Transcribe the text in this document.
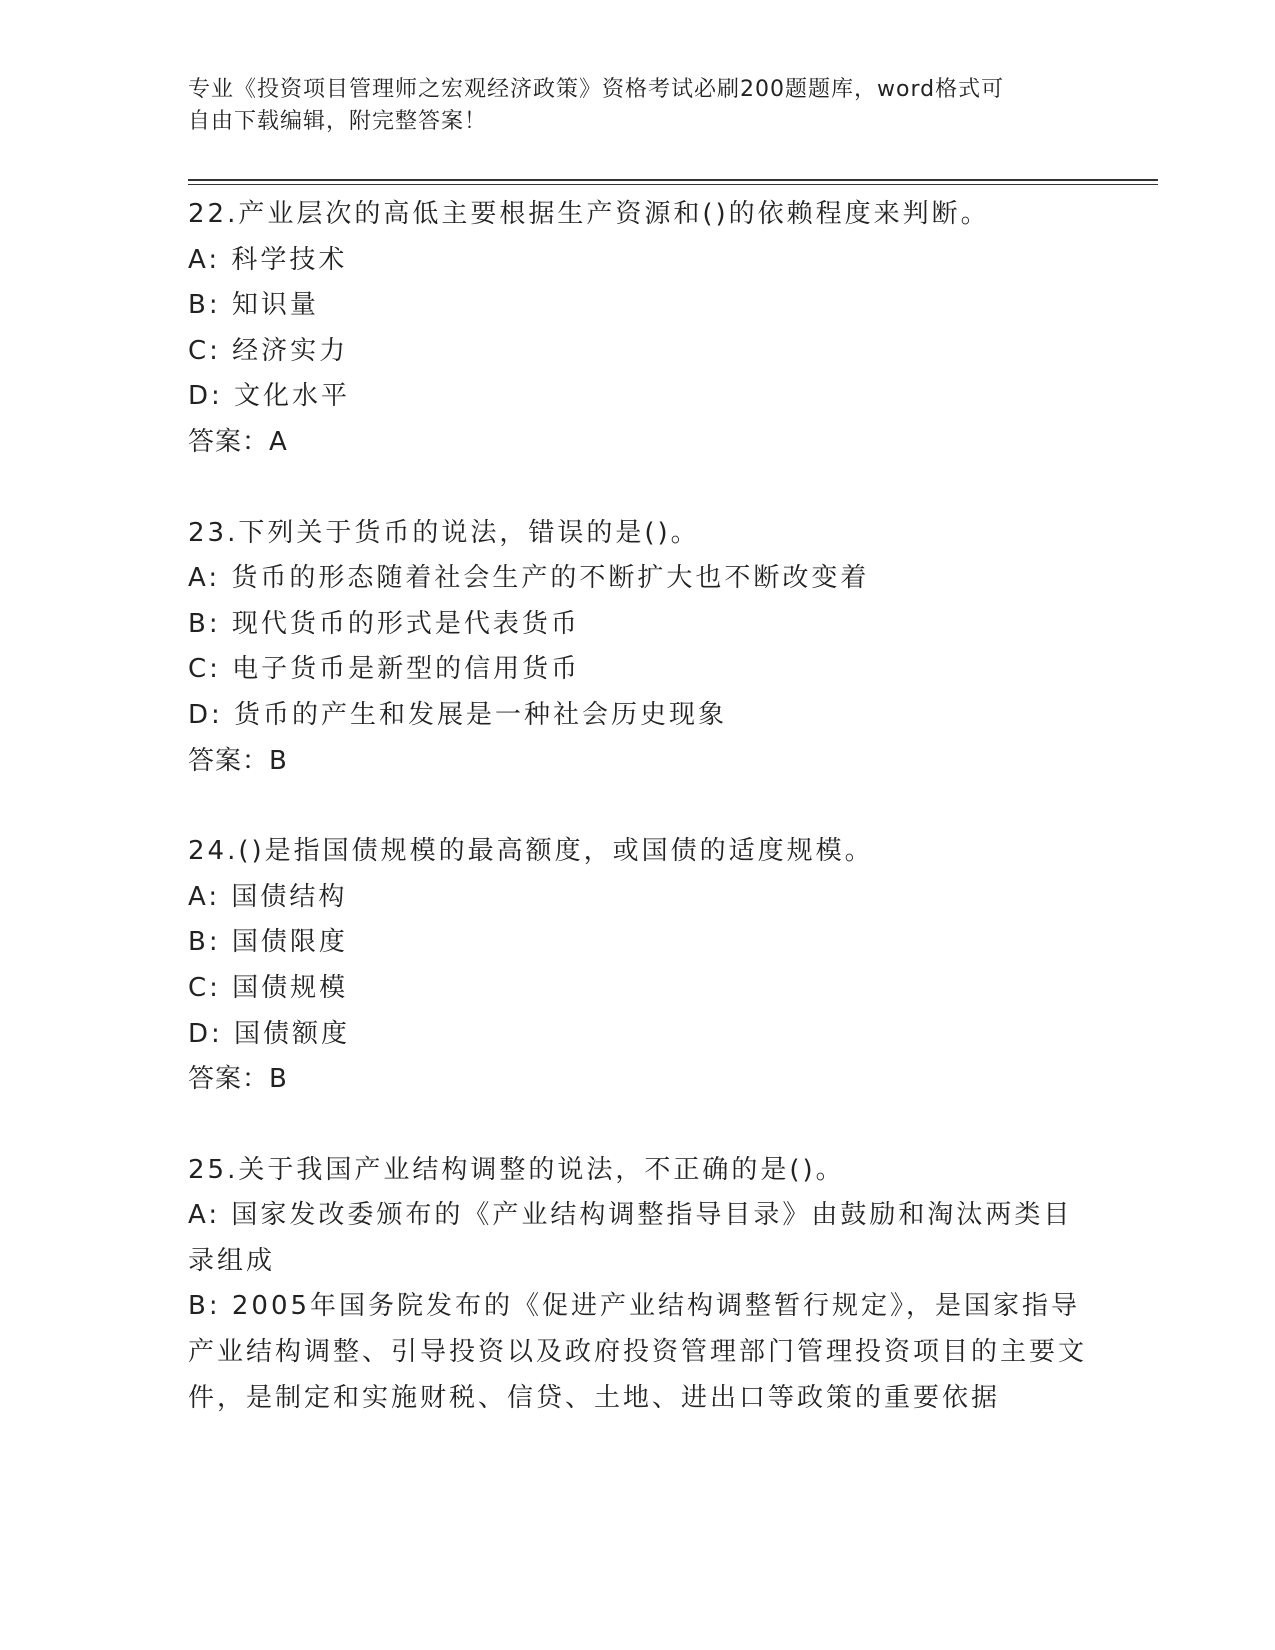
专业《投资项目管理师之宏观经济政策》资格考试必刷200题题库，word格式可
自由下载编辑，附完整答案！
22.产业层次的高低主要根据生产资源和()的依赖程度来判断。
A: 科学技术
B: 知识量
C: 经济实力
D: 文化水平
答案：A
23.下列关于货币的说法，错误的是()。
A: 货币的形态随着社会生产的不断扩大也不断改变着
B: 现代货币的形式是代表货币
C: 电子货币是新型的信用货币
D: 货币的产生和发展是一种社会历史现象
答案：B
24.()是指国债规模的最高额度，或国债的适度规模。
A: 国债结构
B: 国债限度
C: 国债规模
D: 国债额度
答案：B
25.关于我国产业结构调整的说法，不正确的是()。
A: 国家发改委颁布的《产业结构调整指导目录》由鼓励和淘汰两类目录组成
B: 2005年国务院发布的《促进产业结构调整暂行规定》，是国家指导产业结构调整、引导投资以及政府投资管理部门管理投资项目的主要文件，是制定和实施财税、信贷、土地、进出口等政策的重要依据
